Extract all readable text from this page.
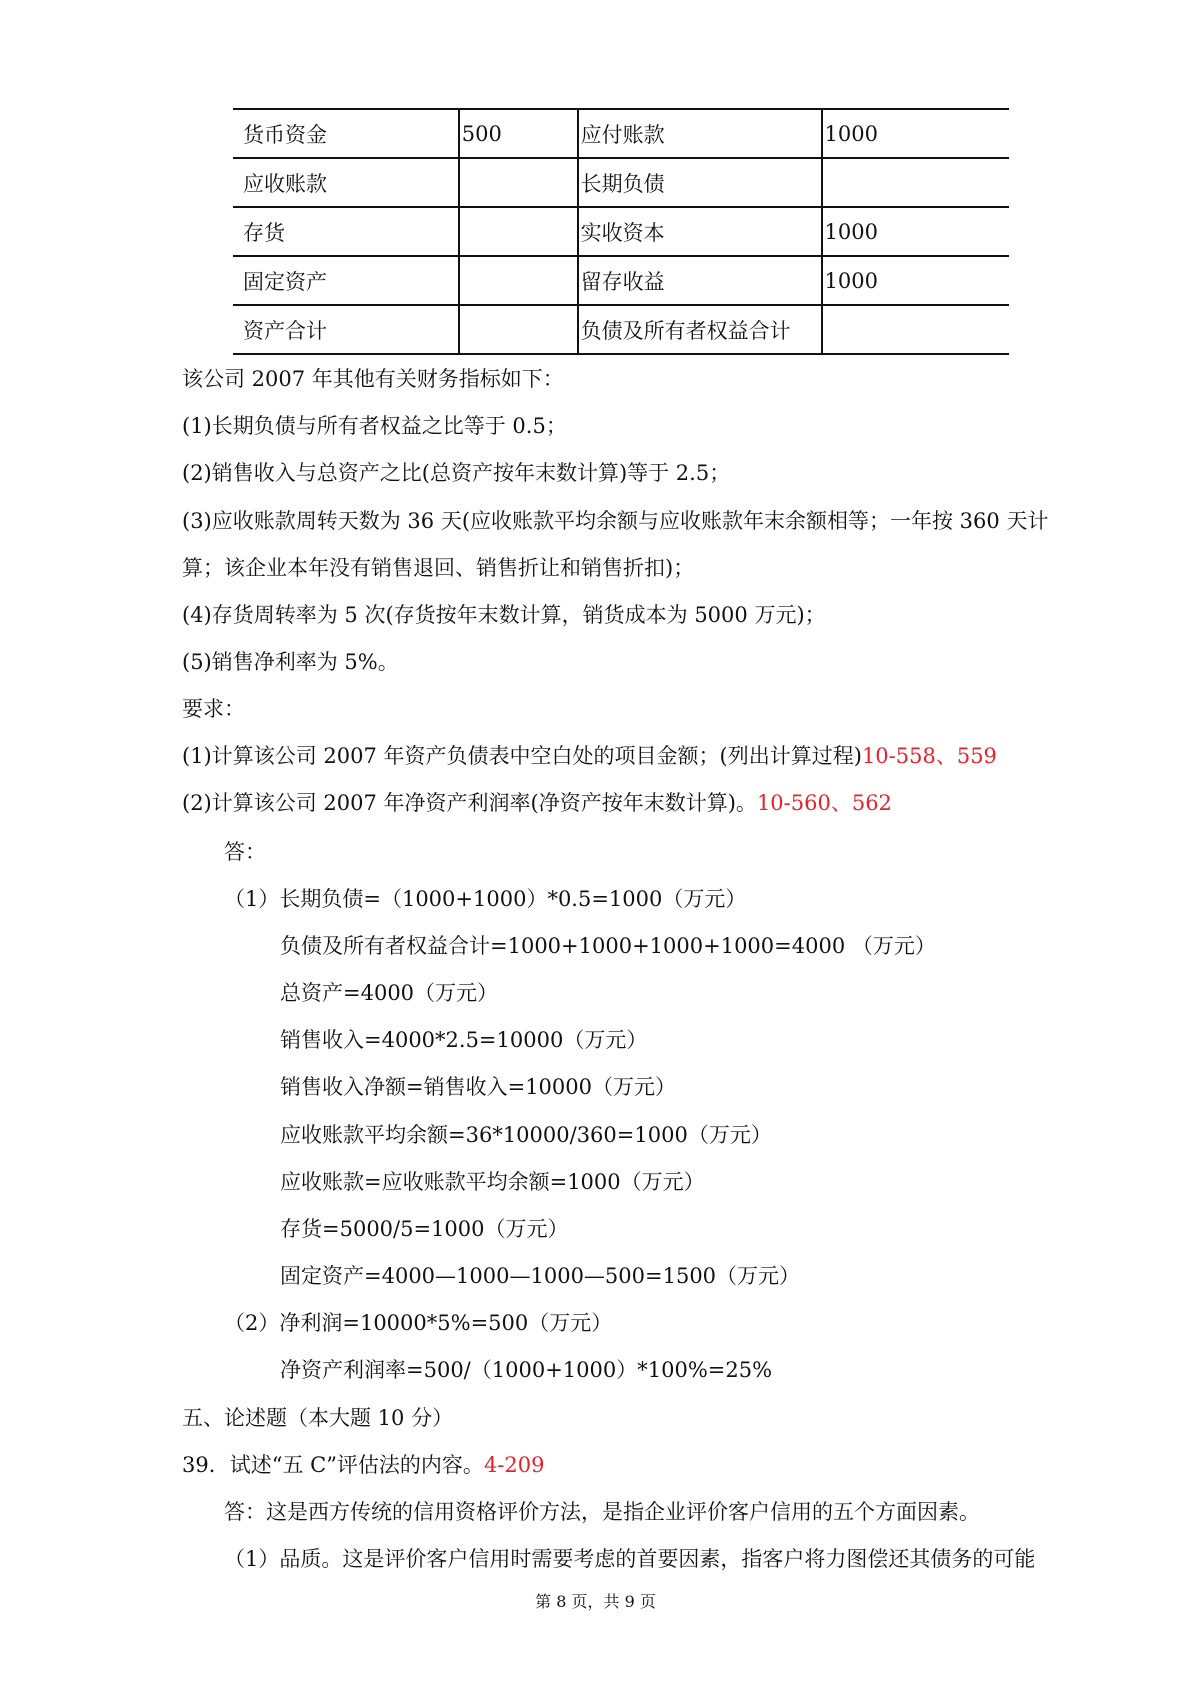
货币资金	500	应付账款	1000
应收账款		长期负债	
存货		实收资本	1000
固定资产		留存收益	1000
资产合计		负债及所有者权益合计	
该公司 2007 年其他有关财务指标如下：
(1)长期负债与所有者权益之比等于 0.5；
(2)销售收入与总资产之比(总资产按年末数计算)等于 2.5；
(3)应收账款周转天数为 36 天(应收账款平均余额与应收账款年末余额相等；一年按 360 天计
算；该企业本年没有销售退回、销售折让和销售折扣)；
(4)存货周转率为 5 次(存货按年末数计算，销货成本为 5000 万元)；
(5)销售净利率为 5%。
要求：
(1)计算该公司 2007 年资产负债表中空白处的项目金额；(列出计算过程)10-558、559
(2)计算该公司 2007 年净资产利润率(净资产按年末数计算)。10-560、562
答：
（1）长期负债=（1000+1000）*0.5=1000（万元）
负债及所有者权益合计=1000+1000+1000+1000=4000 （万元）
总资产=4000（万元）
销售收入=4000*2.5=10000（万元）
销售收入净额=销售收入=10000（万元）
应收账款平均余额=36*10000/360=1000（万元）
应收账款=应收账款平均余额=1000（万元）
存货=5000/5=1000（万元）
固定资产=4000—1000—1000—500=1500（万元）
（2）净利润=10000*5%=500（万元）
净资产利润率=500/（1000+1000）*100%=25%
五、论述题（本大题 10 分）
39．试述“五 C”评估法的内容。4-209
答：这是西方传统的信用资格评价方法，是指企业评价客户信用的五个方面因素。
（1）品质。这是评价客户信用时需要考虑的首要因素，指客户将力图偿还其债务的可能
第 8 页，共 9 页
